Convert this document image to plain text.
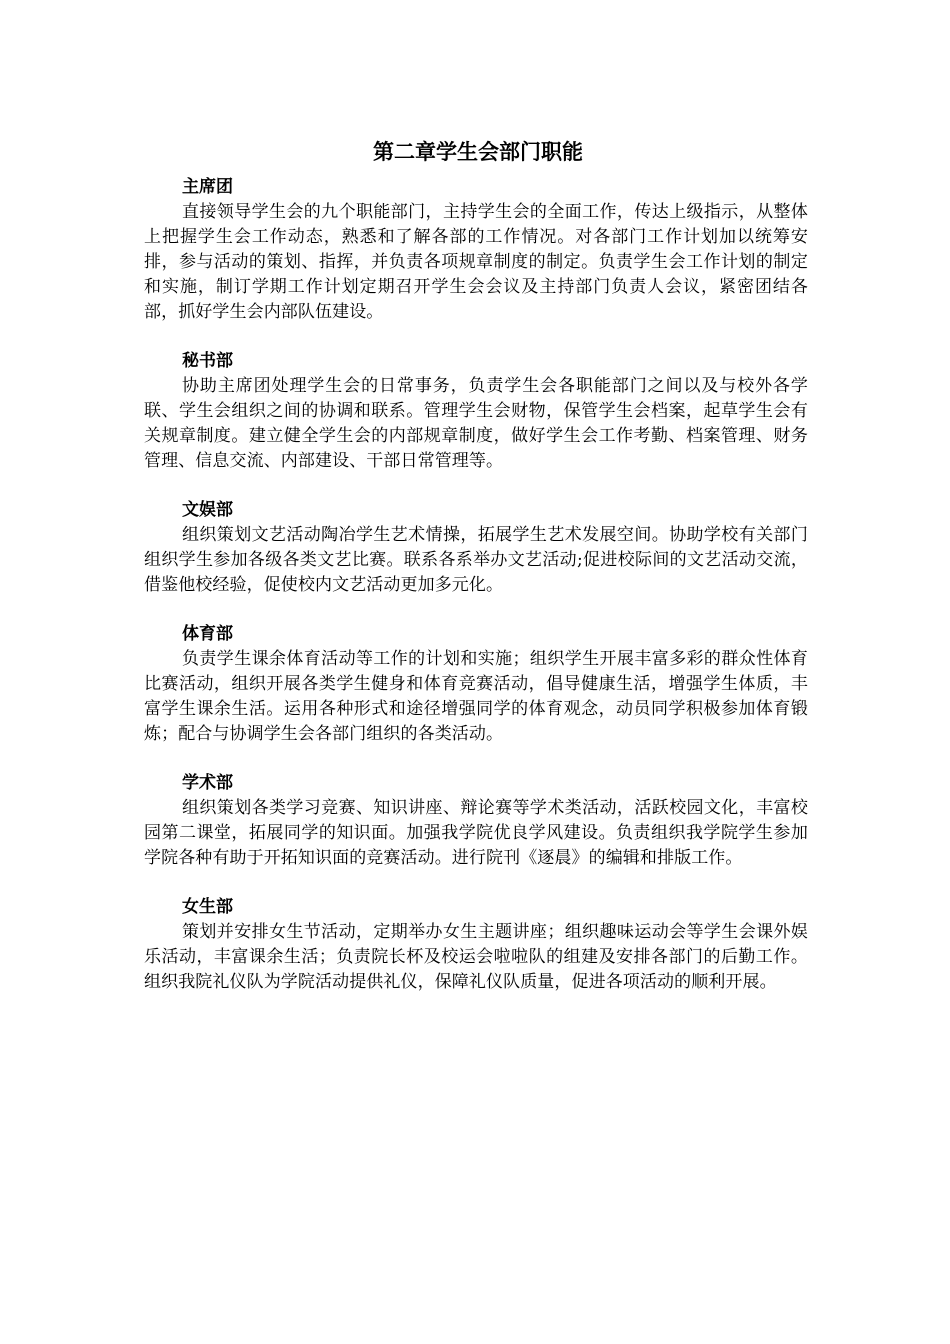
第二章学生会部门职能
主席团

直接领导学生会的九个职能部门，主持学生会的全面工作，传达上级指示，从整体上把握学生会工作动态，熟悉和了解各部的工作情况。对各部门工作计划加以统筹安排，参与活动的策划、指挥，并负责各项规章制度的制定。负责学生会工作计划的制定和实施，制订学期工作计划定期召开学生会会议及主持部门负责人会议，紧密团结各部，抓好学生会内部队伍建设。

秘书部

协助主席团处理学生会的日常事务，负责学生会各职能部门之间以及与校外各学联、学生会组织之间的协调和联系。管理学生会财物，保管学生会档案，起草学生会有关规章制度。建立健全学生会的内部规章制度，做好学生会工作考勤、档案管理、财务管理、信息交流、内部建设、干部日常管理等。

文娱部

组织策划文艺活动陶冶学生艺术情操，拓展学生艺术发展空间。协助学校有关部门组织学生参加各级各类文艺比赛。联系各系举办文艺活动;促进校际间的文艺活动交流，借鉴他校经验，促使校内文艺活动更加多元化。

体育部

负责学生课余体育活动等工作的计划和实施；组织学生开展丰富多彩的群众性体育比赛活动，组织开展各类学生健身和体育竞赛活动，倡导健康生活，增强学生体质，丰富学生课余生活。运用各种形式和途径增强同学的体育观念，动员同学积极参加体育锻炼；配合与协调学生会各部门组织的各类活动。

学术部

组织策划各类学习竞赛、知识讲座、辩论赛等学术类活动，活跃校园文化，丰富校园第二课堂，拓展同学的知识面。加强我学院优良学风建设。负责组织我学院学生参加学院各种有助于开拓知识面的竞赛活动。进行院刊《逐晨》的编辑和排版工作。

女生部

策划并安排女生节活动，定期举办女生主题讲座；组织趣味运动会等学生会课外娱乐活动，丰富课余生活；负责院长杯及校运会啦啦队的组建及安排各部门的后勤工作。组织我院礼仪队为学院活动提供礼仪，保障礼仪队质量，促进各项活动的顺利开展。
